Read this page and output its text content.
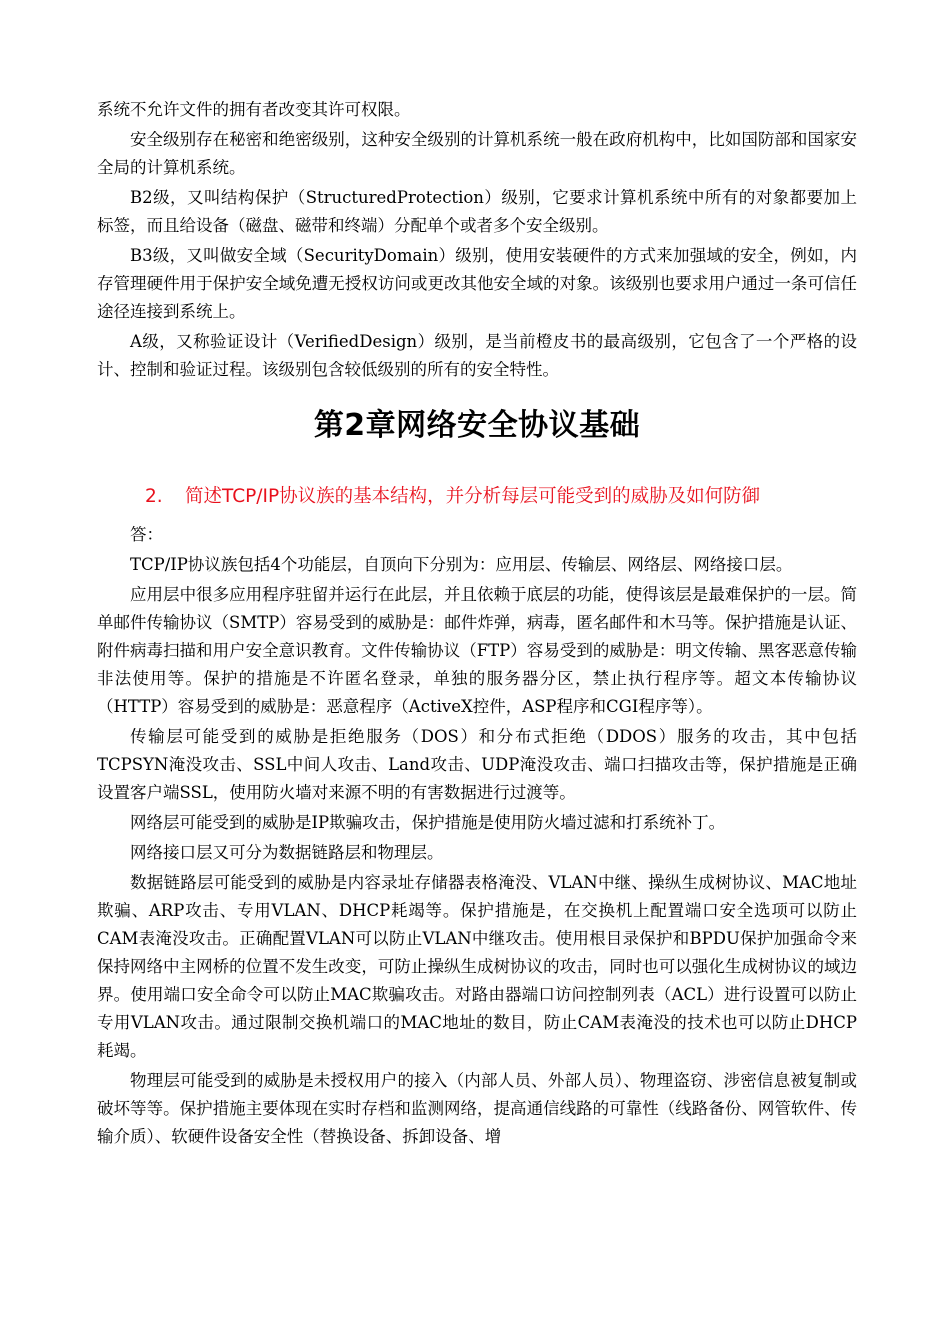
系统不允许文件的拥有者改变其许可权限。

安全级别存在秘密和绝密级别，这种安全级别的计算机系统一般在政府机构中，比如国防部和国家安全局的计算机系统。

B2级，又叫结构保护（StructuredProtection）级别，它要求计算机系统中所有的对象都要加上标签，而且给设备（磁盘、磁带和终端）分配单个或者多个安全级别。

B3级，又叫做安全域（SecurityDomain）级别，使用安装硬件的方式来加强域的安全，例如，内存管理硬件用于保护安全域免遭无授权访问或更改其他安全域的对象。该级别也要求用户通过一条可信任途径连接到系统上。

A级，又称验证设计（VerifiedDesign）级别，是当前橙皮书的最高级别，它包含了一个严格的设计、控制和验证过程。该级别包含较低级别的所有的安全特性。

第2章网络安全协议基础
2.	简述TCP/IP协议族的基本结构，并分析每层可能受到的威胁及如何防御

答：

TCP/IP协议族包括4个功能层，自顶向下分别为：应用层、传输层、网络层、网络接口层。

应用层中很多应用程序驻留并运行在此层，并且依赖于底层的功能，使得该层是最难保护的一层。简单邮件传输协议（SMTP）容易受到的威胁是：邮件炸弹，病毒，匿名邮件和木马等。保护措施是认证、附件病毒扫描和用户安全意识教育。文件传输协议（FTP）容易受到的威胁是：明文传输、黑客恶意传输非法使用等。保护的措施是不许匿名登录，单独的服务器分区，禁止执行程序等。超文本传输协议（HTTP）容易受到的威胁是：恶意程序（ActiveX控件，ASP程序和CGI程序等）。

传输层可能受到的威胁是拒绝服务（DOS）和分布式拒绝（DDOS）服务的攻击，其中包括TCPSYN淹没攻击、SSL中间人攻击、Land攻击、UDP淹没攻击、端口扫描攻击等，保护措施是正确设置客户端SSL，使用防火墙对来源不明的有害数据进行过渡等。

网络层可能受到的威胁是IP欺骗攻击，保护措施是使用防火墙过滤和打系统补丁。

网络接口层又可分为数据链路层和物理层。

数据链路层可能受到的威胁是内容录址存储器表格淹没、VLAN中继、操纵生成树协议、MAC地址欺骗、ARP攻击、专用VLAN、DHCP耗竭等。保护措施是，在交换机上配置端口安全选项可以防止CAM表淹没攻击。正确配置VLAN可以防止VLAN中继攻击。使用根目录保护和BPDU保护加强命令来保持网络中主网桥的位置不发生改变，可防止操纵生成树协议的攻击，同时也可以强化生成树协议的域边界。使用端口安全命令可以防止MAC欺骗攻击。对路由器端口访问控制列表（ACL）进行设置可以防止专用VLAN攻击。通过限制交换机端口的MAC地址的数目，防止CAM表淹没的技术也可以防止DHCP耗竭。

物理层可能受到的威胁是未授权用户的接入（内部人员、外部人员）、物理盗窃、涉密信息被复制或破坏等等。保护措施主要体现在实时存档和监测网络，提高通信线路的可靠性（线路备份、网管软件、传输介质）、软硬件设备安全性（替换设备、拆卸设备、增
